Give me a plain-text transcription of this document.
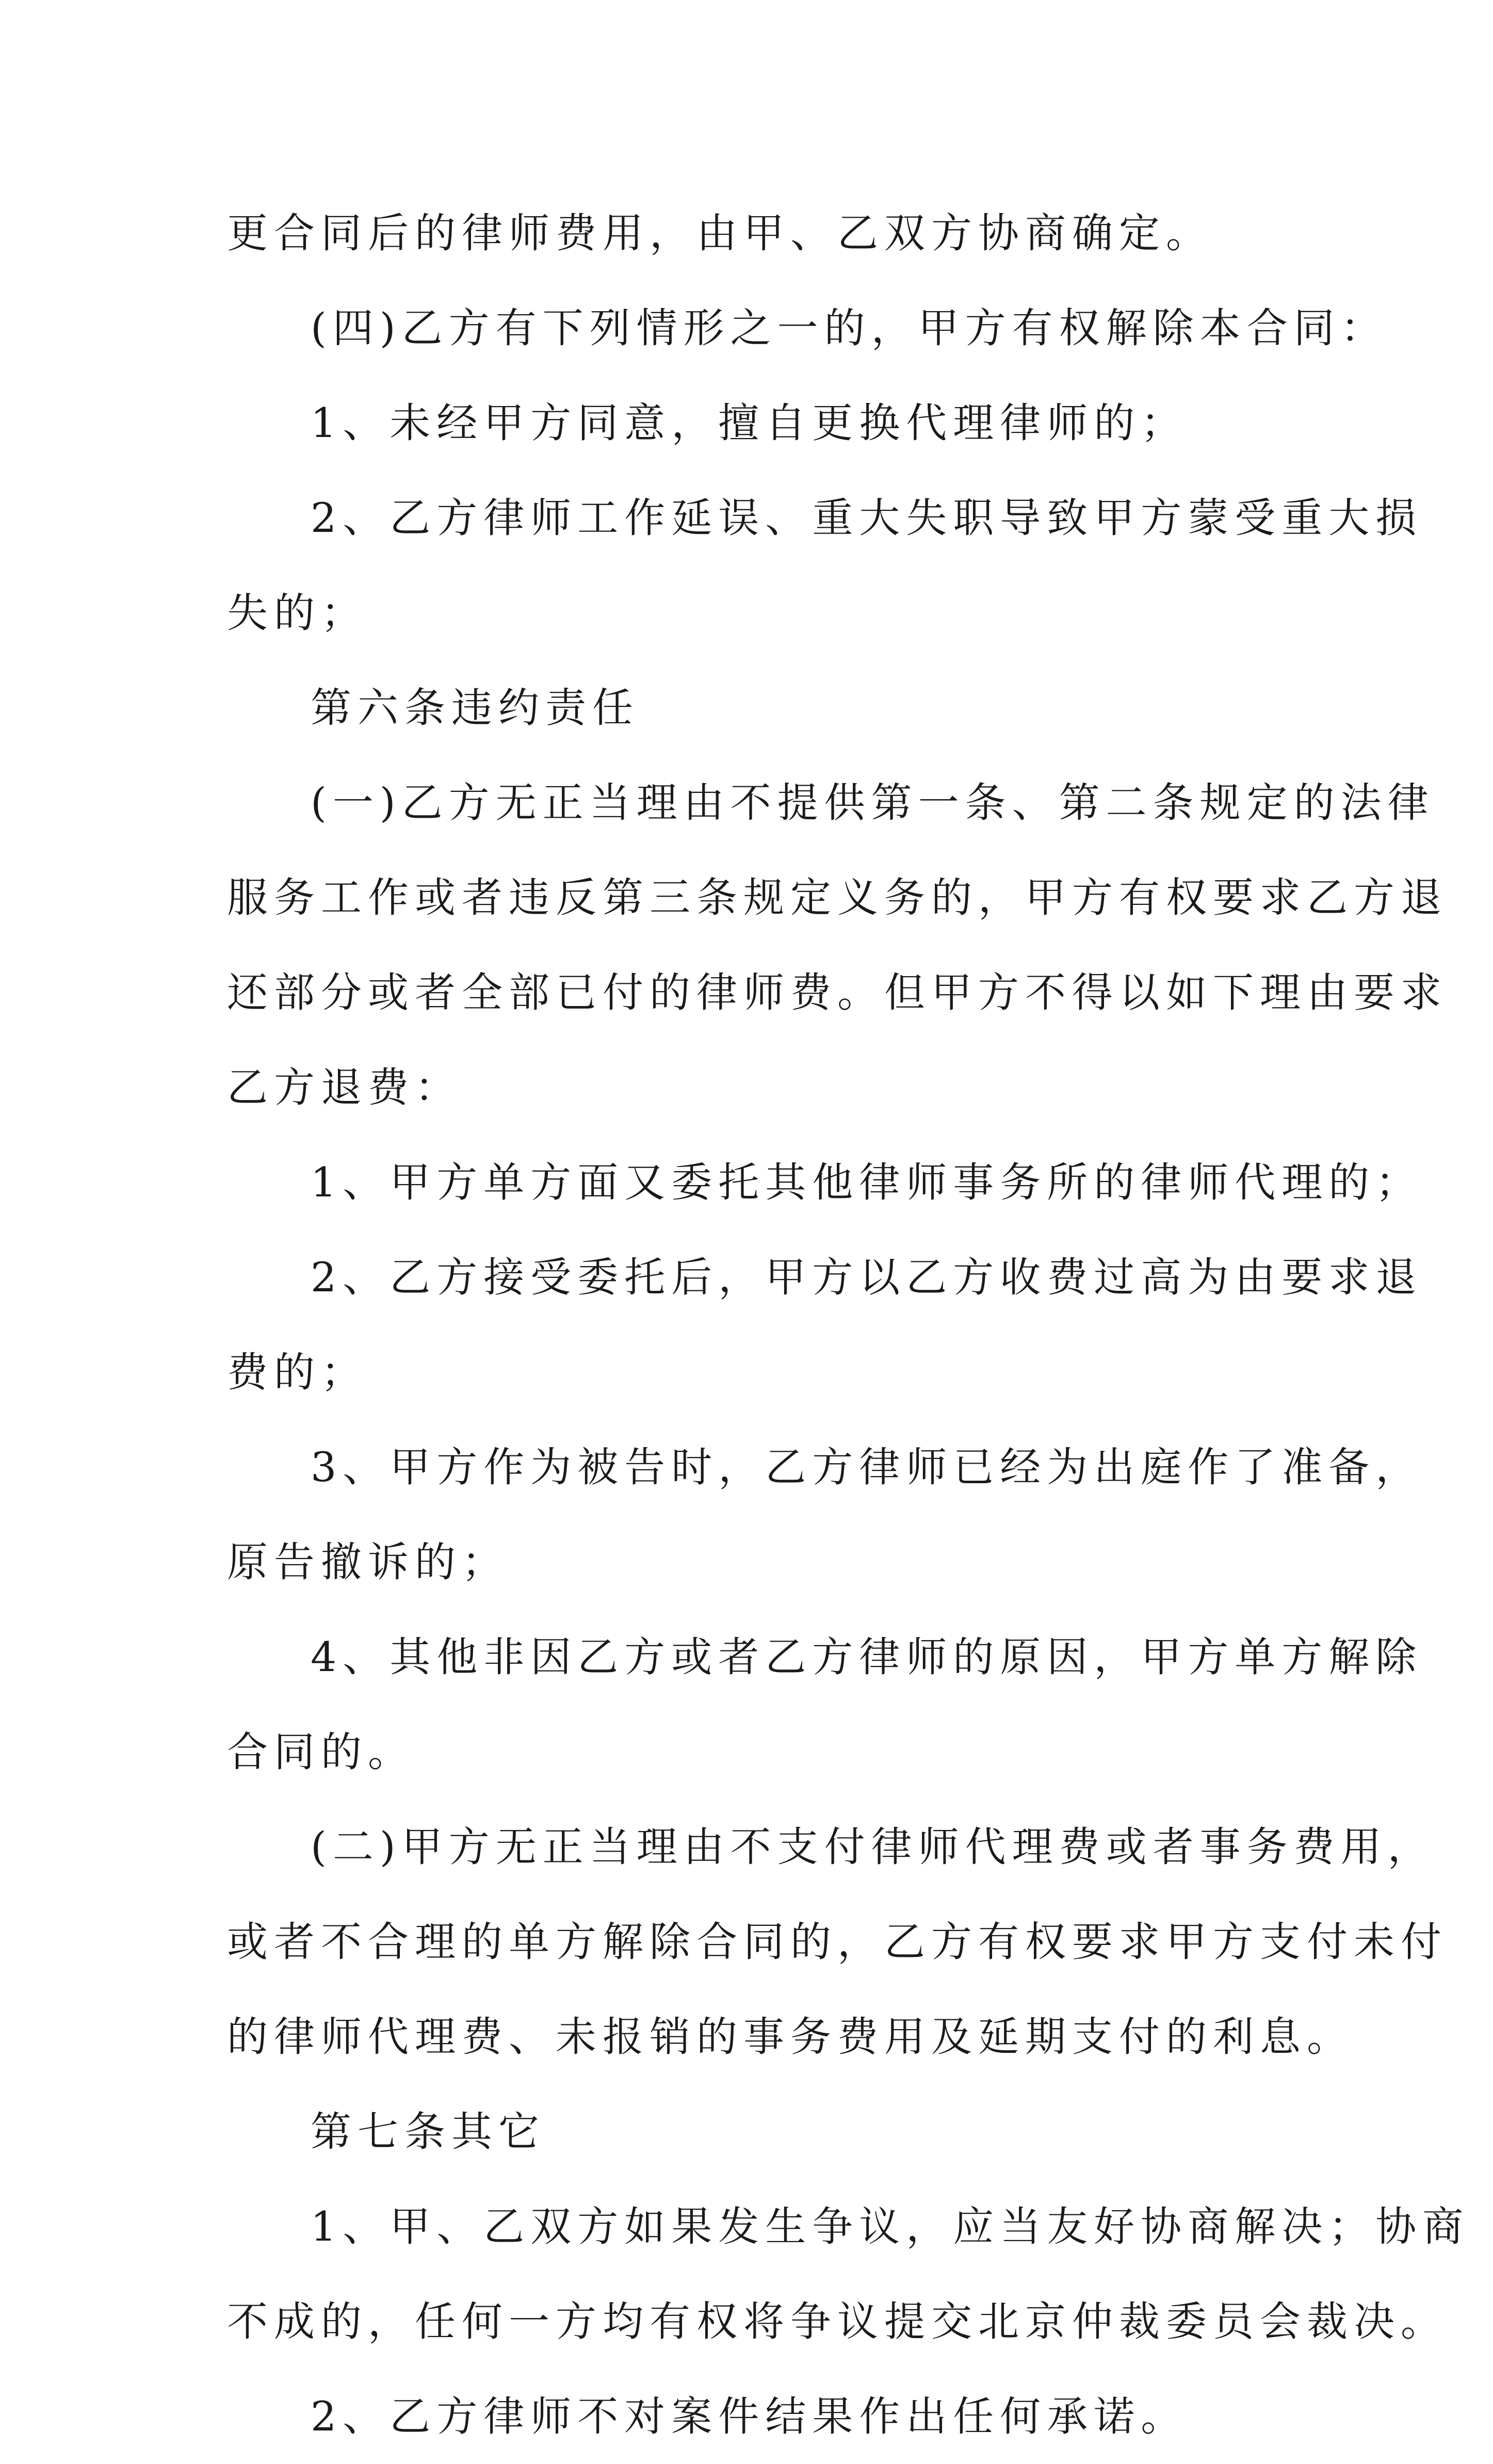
更合同后的律师费用，由甲、乙双方协商确定。
(四)乙方有下列情形之一的，甲方有权解除本合同：
1、未经甲方同意，擅自更换代理律师的；
2、乙方律师工作延误、重大失职导致甲方蒙受重大损
失的；
第六条违约责任
(一)乙方无正当理由不提供第一条、第二条规定的法律
服务工作或者违反第三条规定义务的，甲方有权要求乙方退
还部分或者全部已付的律师费。但甲方不得以如下理由要求
乙方退费：
1、甲方单方面又委托其他律师事务所的律师代理的；
2、乙方接受委托后，甲方以乙方收费过高为由要求退
费的；
3、甲方作为被告时，乙方律师已经为出庭作了准备，
原告撤诉的；
4、其他非因乙方或者乙方律师的原因，甲方单方解除
合同的。
(二)甲方无正当理由不支付律师代理费或者事务费用，
或者不合理的单方解除合同的，乙方有权要求甲方支付未付
的律师代理费、未报销的事务费用及延期支付的利息。
第七条其它
1、甲、乙双方如果发生争议，应当友好协商解决；协商
不成的，任何一方均有权将争议提交北京仲裁委员会裁决。
2、乙方律师不对案件结果作出任何承诺。
